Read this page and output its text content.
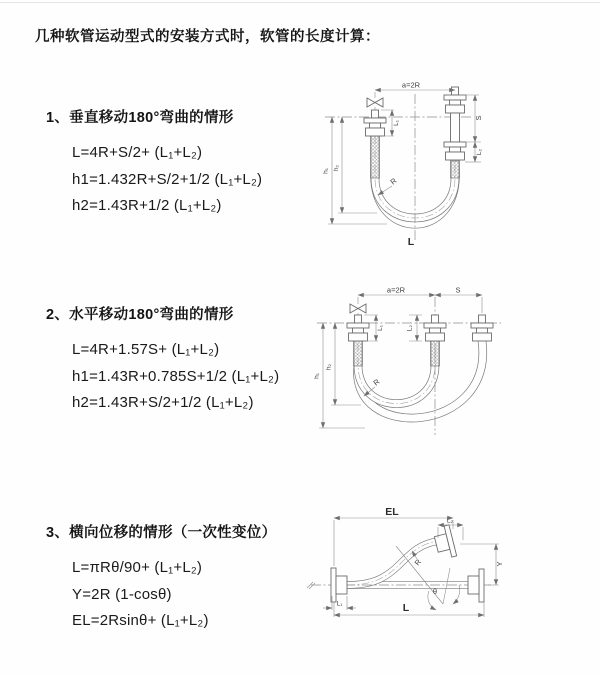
几种软管运动型式的安装方式时，软管的长度计算：
1、垂直移动180°弯曲的情形
L=4R+S/2+ (L₁+L₂)
h1=1.432R+S/2+1/2 (L₁+L₂)
h2=1.43R+1/2 (L₁+L₂)
2、水平移动180°弯曲的情形
L=4R+1.57S+ (L₁+L₂)
h1=1.43R+0.785S+1/2 (L₁+L₂)
h2=1.43R+S/2+1/2 (L₁+L₂)
3、横向位移的情形（一次性变位）
L=πRθ/90+ (L₁+L₂)
Y=2R (1-cosθ)
EL=2Rsinθ+ (L₁+L₂)
a=2R
S
L₂
h₁ h₂
L₁
R
L
a=2R	S
h₁
h₂
L₁	L₂
R
EL
L₂
Y
L
L₁
R
θ
